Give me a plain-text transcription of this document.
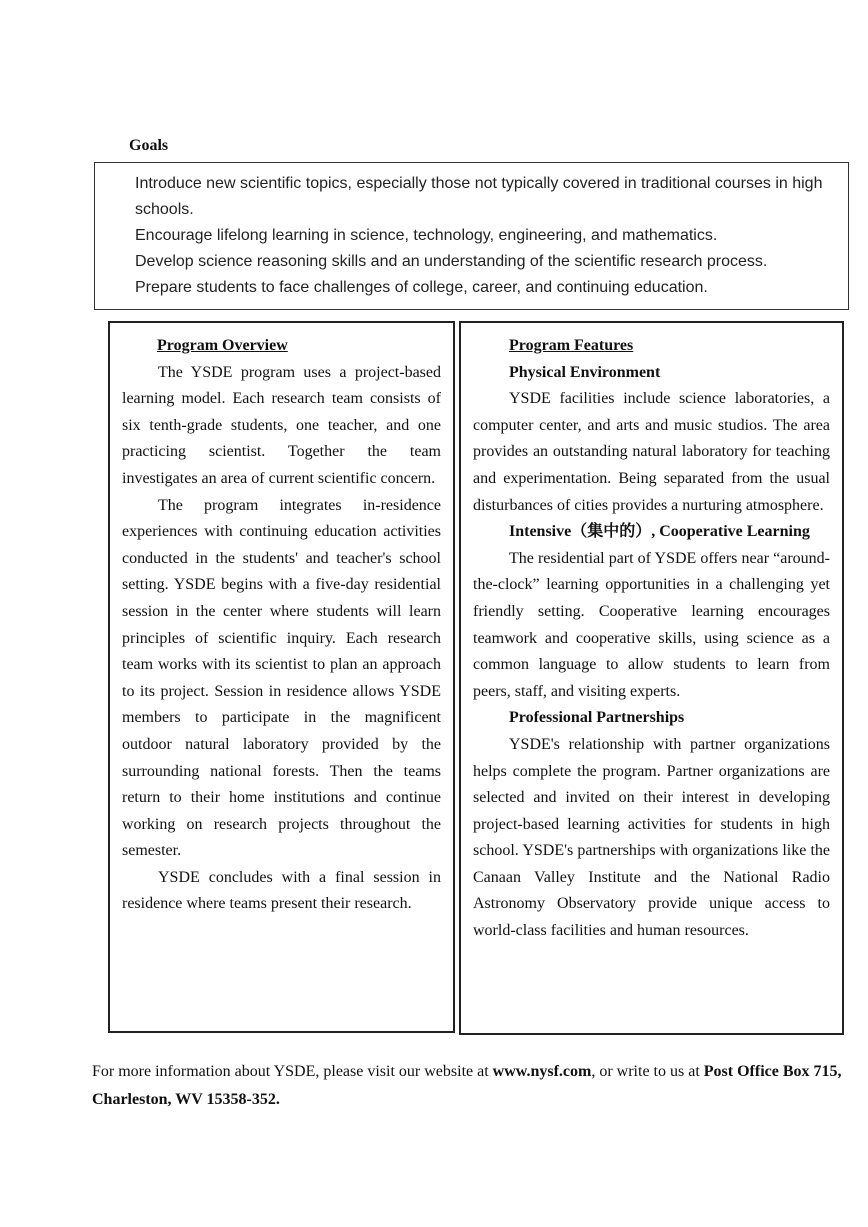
Goals
Introduce new scientific topics, especially those not typically covered in traditional courses in high schools.
Encourage lifelong learning in science, technology, engineering, and mathematics.
Develop science reasoning skills and an understanding of the scientific research process.
Prepare students to face challenges of college, career, and continuing education.
Program Overview

The YSDE program uses a project-based learning model. Each research team consists of six tenth-grade students, one teacher, and one practicing scientist. Together the team investigates an area of current scientific concern.

The program integrates in-residence experiences with continuing education activities conducted in the students' and teacher's school setting. YSDE begins with a five-day residential session in the center where students will learn principles of scientific inquiry. Each research team works with its scientist to plan an approach to its project. Session in residence allows YSDE members to participate in the magnificent outdoor natural laboratory provided by the surrounding national forests. Then the teams return to their home institutions and continue working on research projects throughout the semester.

YSDE concludes with a final session in residence where teams present their research.

Program Features
Physical Environment

YSDE facilities include science laboratories, a computer center, and arts and music studios. The area provides an outstanding natural laboratory for teaching and experimentation. Being separated from the usual disturbances of cities provides a nurturing atmosphere.

Intensive（集中的）, Cooperative Learning

The residential part of YSDE offers near “around-the-clock” learning opportunities in a challenging yet friendly setting. Cooperative learning encourages teamwork and cooperative skills, using science as a common language to allow students to learn from peers, staff, and visiting experts.

Professional Partnerships

YSDE's relationship with partner organizations helps complete the program. Partner organizations are selected and invited on their interest in developing project-based learning activities for students in high school. YSDE's partnerships with organizations like the Canaan Valley Institute and the National Radio Astronomy Observatory provide unique access to world-class facilities and human resources.

For more information about YSDE, please visit our website at www.nysf.com, or write to us at Post Office Box 715, Charleston, WV 15358-352.
